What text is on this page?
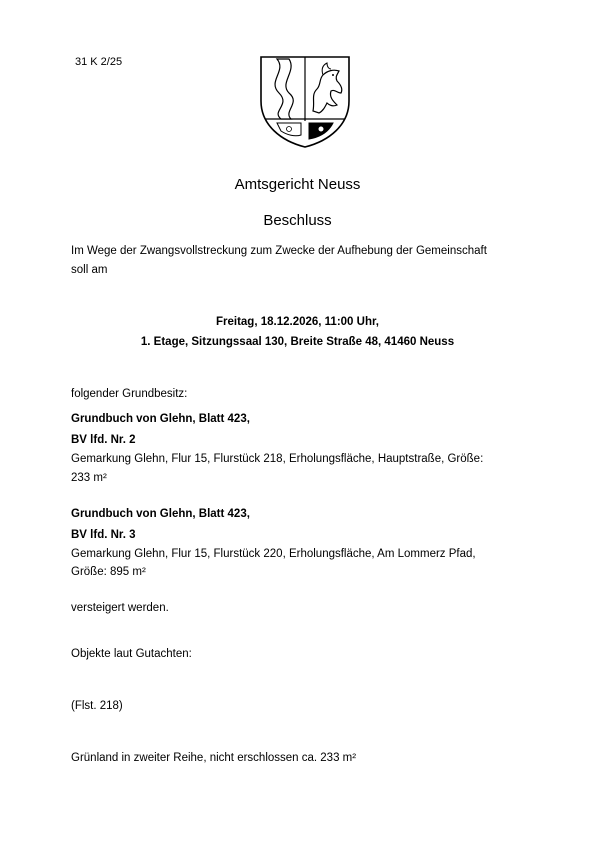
31 K 2/25
Amtsgericht Neuss
Beschluss
Im Wege der Zwangsvollstreckung zum Zwecke der Aufhebung der Gemeinschaft
soll am
Freitag, 18.12.2026, 11:00 Uhr,
1. Etage, Sitzungssaal 130, Breite Straße 48, 41460 Neuss
folgender Grundbesitz:
Grundbuch von Glehn, Blatt 423,
BV lfd. Nr. 2
Gemarkung Glehn, Flur 15, Flurstück 218, Erholungsfläche, Hauptstraße, Größe:
233 m²
Grundbuch von Glehn, Blatt 423,
BV lfd. Nr. 3
Gemarkung Glehn, Flur 15, Flurstück 220, Erholungsfläche, Am Lommerz Pfad,
Größe: 895 m²
versteigert werden.
Objekte laut Gutachten:
(Flst. 218)
Grünland in zweiter Reihe, nicht erschlossen ca. 233 m²
